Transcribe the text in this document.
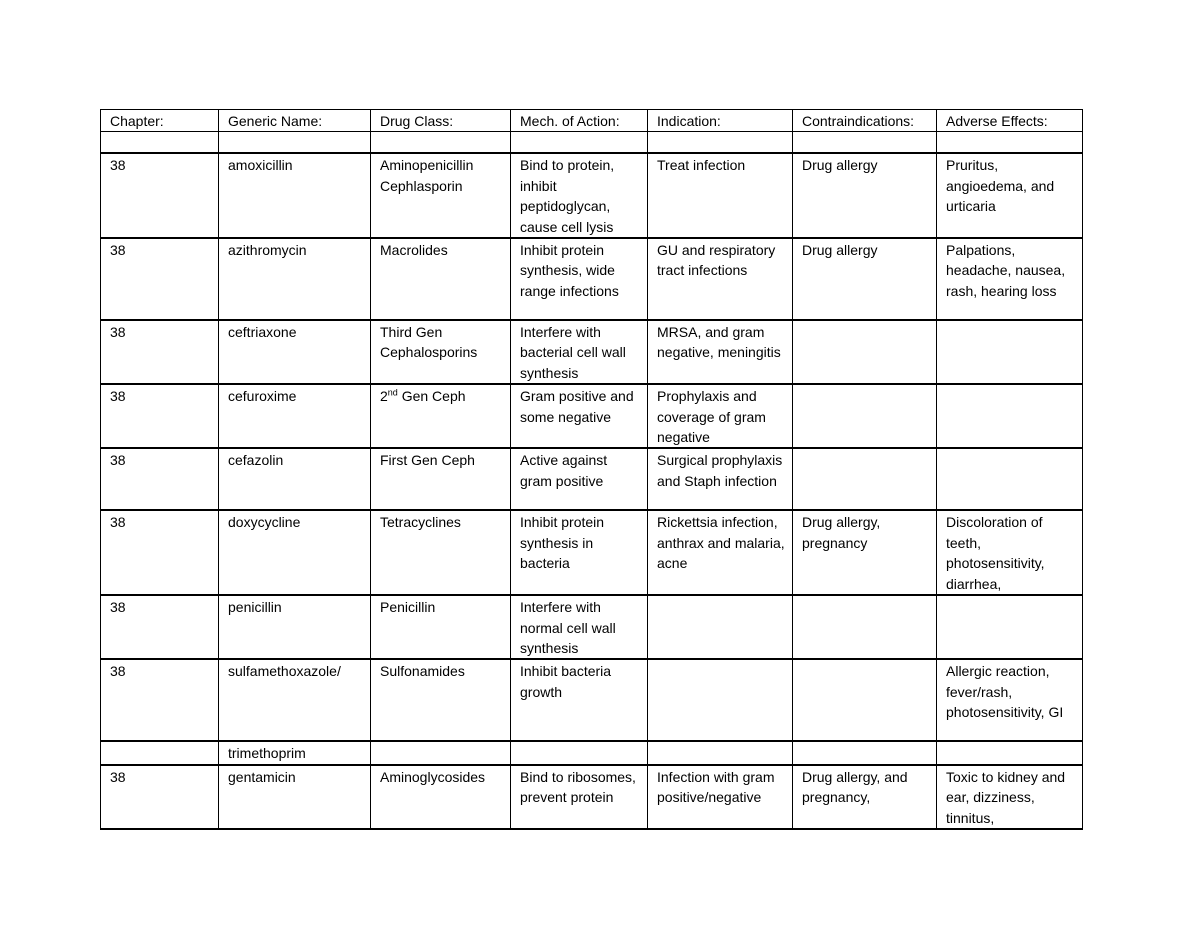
Chapter:	Generic Name:	Drug Class:	Mech. of Action:	Indication:	Contraindications:	Adverse Effects:

38	amoxicillin	Aminopenicillin Cephlasporin	Bind to protein, inhibit peptidoglycan, cause cell lysis	Treat infection	Drug allergy	Pruritus, angioedema, and urticaria
38	azithromycin	Macrolides	Inhibit protein synthesis, wide range infections	GU and respiratory tract infections	Drug allergy	Palpations, headache, nausea, rash, hearing loss
38	ceftriaxone	Third Gen Cephalosporins	Interfere with bacterial cell wall synthesis	MRSA, and gram negative, meningitis		
38	cefuroxime	2nd Gen Ceph	Gram positive and some negative	Prophylaxis and coverage of gram negative		
38	cefazolin	First Gen Ceph	Active against gram positive	Surgical prophylaxis and Staph infection		
38	doxycycline	Tetracyclines	Inhibit protein synthesis in bacteria	Rickettsia infection, anthrax and malaria, acne	Drug allergy, pregnancy	Discoloration of teeth, photosensitivity, diarrhea,
38	penicillin	Penicillin	Interfere with normal cell wall synthesis			
38	sulfamethoxazole/	Sulfonamides	Inhibit bacteria growth			Allergic reaction, fever/rash, photosensitivity, GI
	trimethoprim					
38	gentamicin	Aminoglycosides	Bind to ribosomes, prevent protein	Infection with gram positive/negative	Drug allergy, and pregnancy,	Toxic to kidney and ear, dizziness, tinnitus,
